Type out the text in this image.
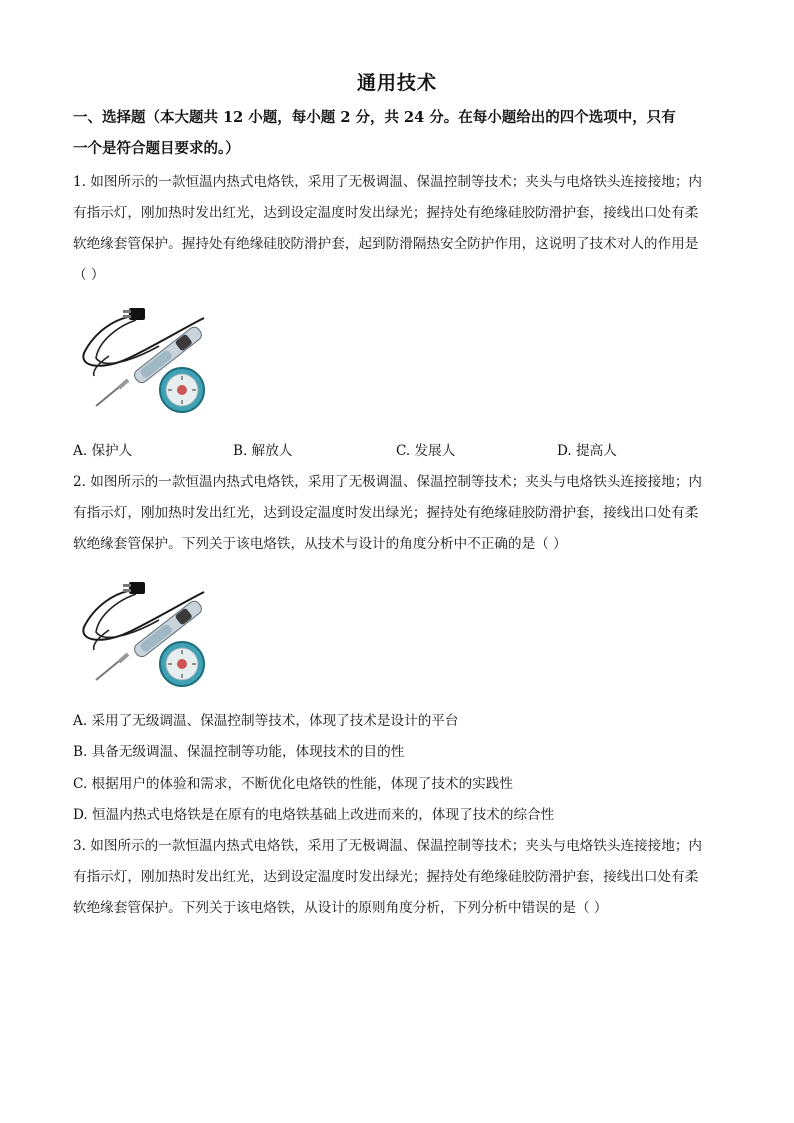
通用技术
一、选择题（本大题共 12 小题，每小题 2 分，共 24 分。在每小题给出的四个选项中，只有
一个是符合题目要求的。）
1. 如图所示的一款恒温内热式电烙铁，采用了无极调温、保温控制等技术；夹头与电烙铁头连接接地；内
有指示灯，刚加热时发出红光，达到设定温度时发出绿光；握持处有绝缘硅胶防滑护套，接线出口处有柔
软绝缘套管保护。握持处有绝缘硅胶防滑护套，起到防滑隔热安全防护作用，这说明了技术对人的作用是
（ ）
A. 保护人	B. 解放人	C. 发展人	D. 提高人
2. 如图所示的一款恒温内热式电烙铁，采用了无极调温、保温控制等技术；夹头与电烙铁头连接接地；内
有指示灯，刚加热时发出红光，达到设定温度时发出绿光；握持处有绝缘硅胶防滑护套，接线出口处有柔
软绝缘套管保护。下列关于该电烙铁，从技术与设计的角度分析中不正确的是（ ）
A. 采用了无级调温、保温控制等技术，体现了技术是设计的平台
B. 具备无级调温、保温控制等功能，体现技术的目的性
C. 根据用户的体验和需求，不断优化电烙铁的性能，体现了技术的实践性
D. 恒温内热式电烙铁是在原有的电烙铁基础上改进而来的，体现了技术的综合性
3. 如图所示的一款恒温内热式电烙铁，采用了无极调温、保温控制等技术；夹头与电烙铁头连接接地；内
有指示灯，刚加热时发出红光，达到设定温度时发出绿光；握持处有绝缘硅胶防滑护套，接线出口处有柔
软绝缘套管保护。下列关于该电烙铁，从设计的原则角度分析，下列分析中错误的是（ ）
